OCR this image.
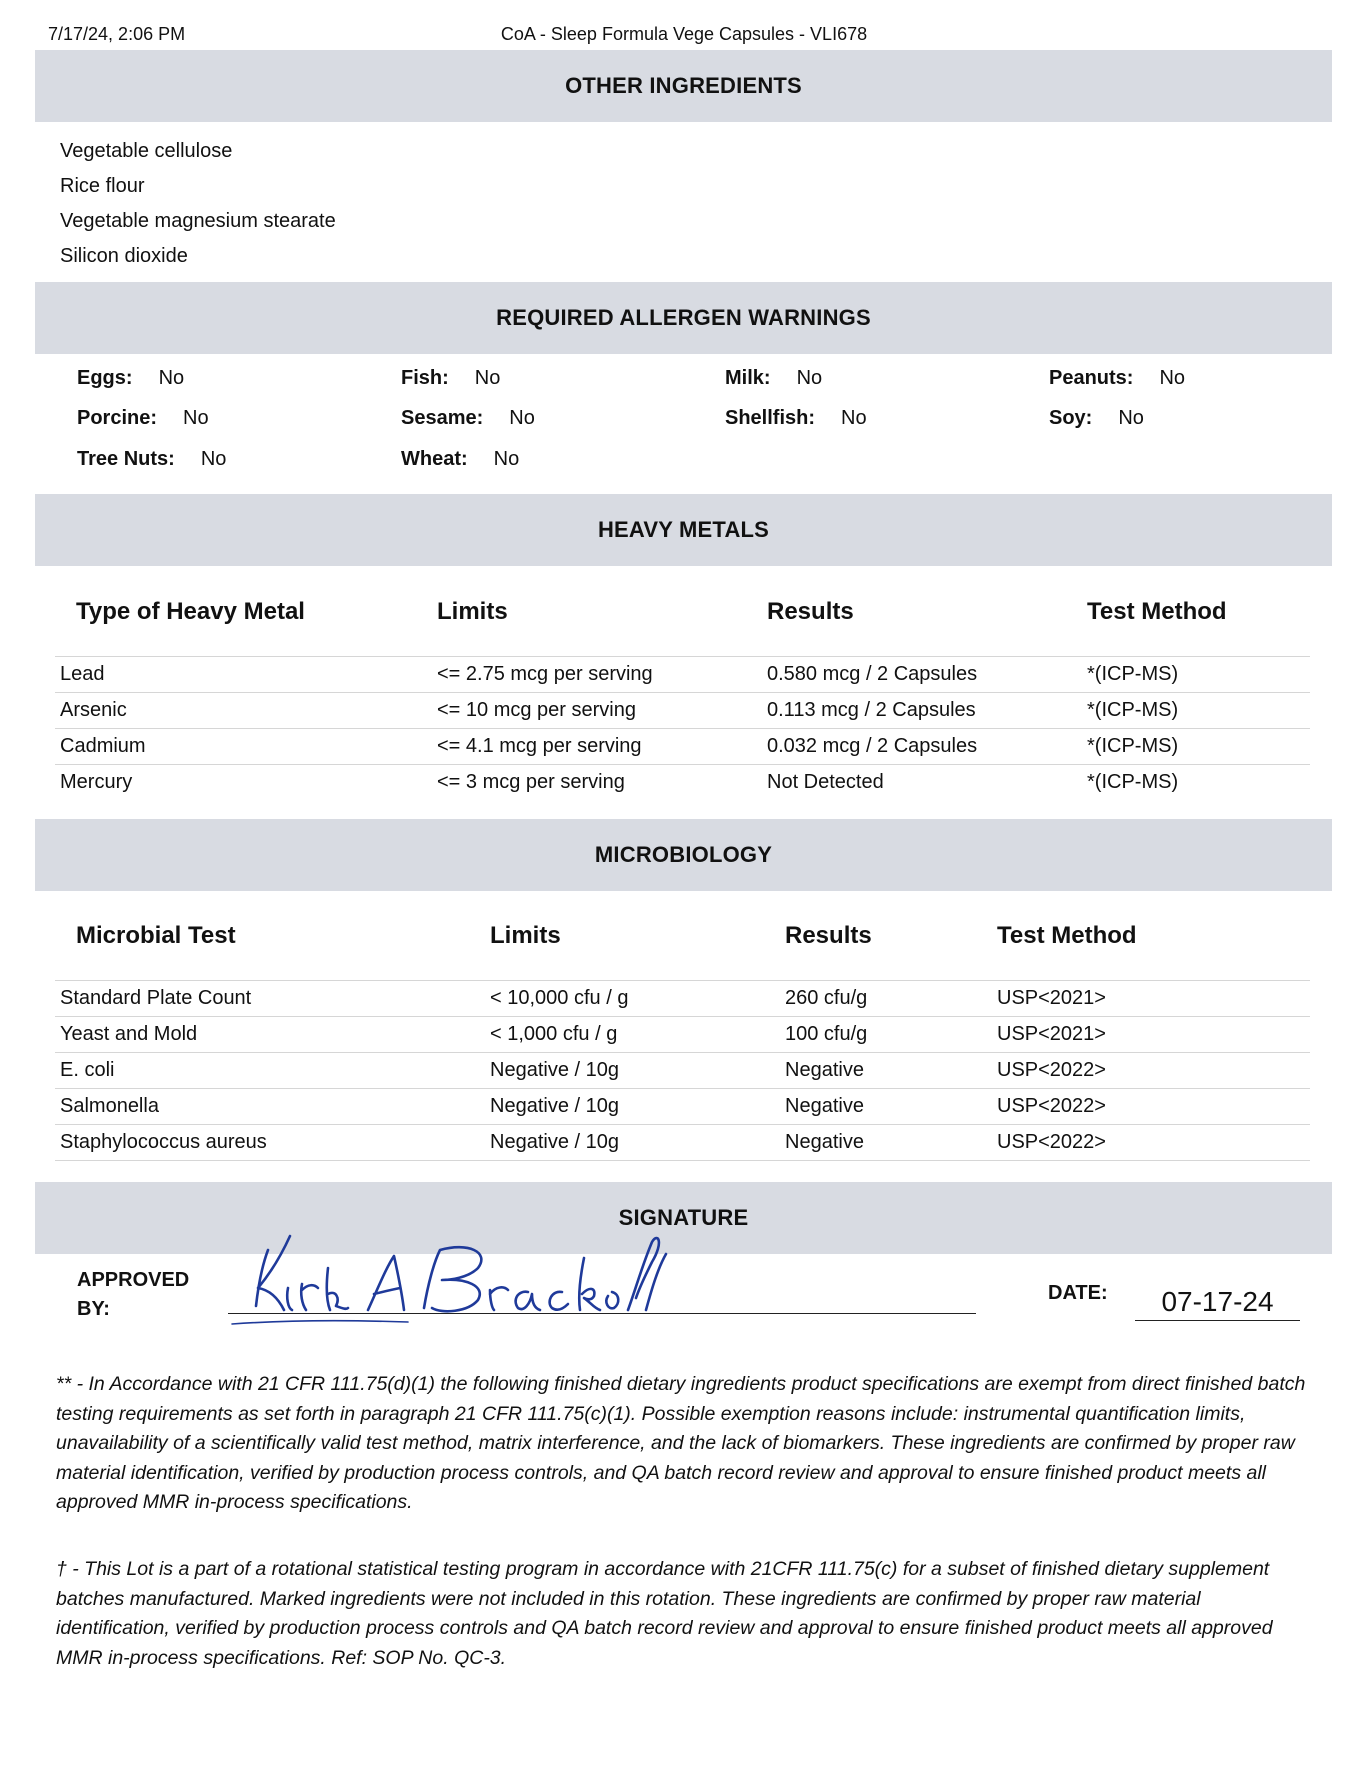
7/17/24, 2:06 PM	CoA - Sleep Formula Vege Capsules - VLI678
OTHER INGREDIENTS
Vegetable cellulose
Rice flour
Vegetable magnesium stearate
Silicon dioxide
REQUIRED ALLERGEN WARNINGS
Eggs: No	Fish: No	Milk: No	Peanuts: No
Porcine: No	Sesame: No	Shellfish: No	Soy: No
Tree Nuts: No	Wheat: No
HEAVY METALS
Type of Heavy Metal	Limits	Results	Test Method
Lead	<= 2.75 mcg per serving	0.580 mcg / 2 Capsules	*(ICP-MS)
Arsenic	<= 10 mcg per serving	0.113 mcg / 2 Capsules	*(ICP-MS)
Cadmium	<= 4.1 mcg per serving	0.032 mcg / 2 Capsules	*(ICP-MS)
Mercury	<= 3 mcg per serving	Not Detected	*(ICP-MS)
MICROBIOLOGY
Microbial Test	Limits	Results	Test Method
Standard Plate Count	< 10,000 cfu / g	260 cfu/g	USP<2021>
Yeast and Mold	< 1,000 cfu / g	100 cfu/g	USP<2021>
E. coli	Negative / 10g	Negative	USP<2022>
Salmonella	Negative / 10g	Negative	USP<2022>
Staphylococcus aureus	Negative / 10g	Negative	USP<2022>
SIGNATURE
APPROVED
BY:
DATE:	07-17-24
** - In Accordance with 21 CFR 111.75(d)(1) the following finished dietary ingredients product specifications are exempt from direct finished batch testing requirements as set forth in paragraph 21 CFR 111.75(c)(1). Possible exemption reasons include: instrumental quantification limits, unavailability of a scientifically valid test method, matrix interference, and the lack of biomarkers. These ingredients are confirmed by proper raw material identification, verified by production process controls, and QA batch record review and approval to ensure finished product meets all approved MMR in-process specifications.
† - This Lot is a part of a rotational statistical testing program in accordance with 21CFR 111.75(c) for a subset of finished dietary supplement batches manufactured. Marked ingredients were not included in this rotation. These ingredients are confirmed by proper raw material identification, verified by production process controls and QA batch record review and approval to ensure finished product meets all approved MMR in-process specifications. Ref: SOP No. QC-3.
